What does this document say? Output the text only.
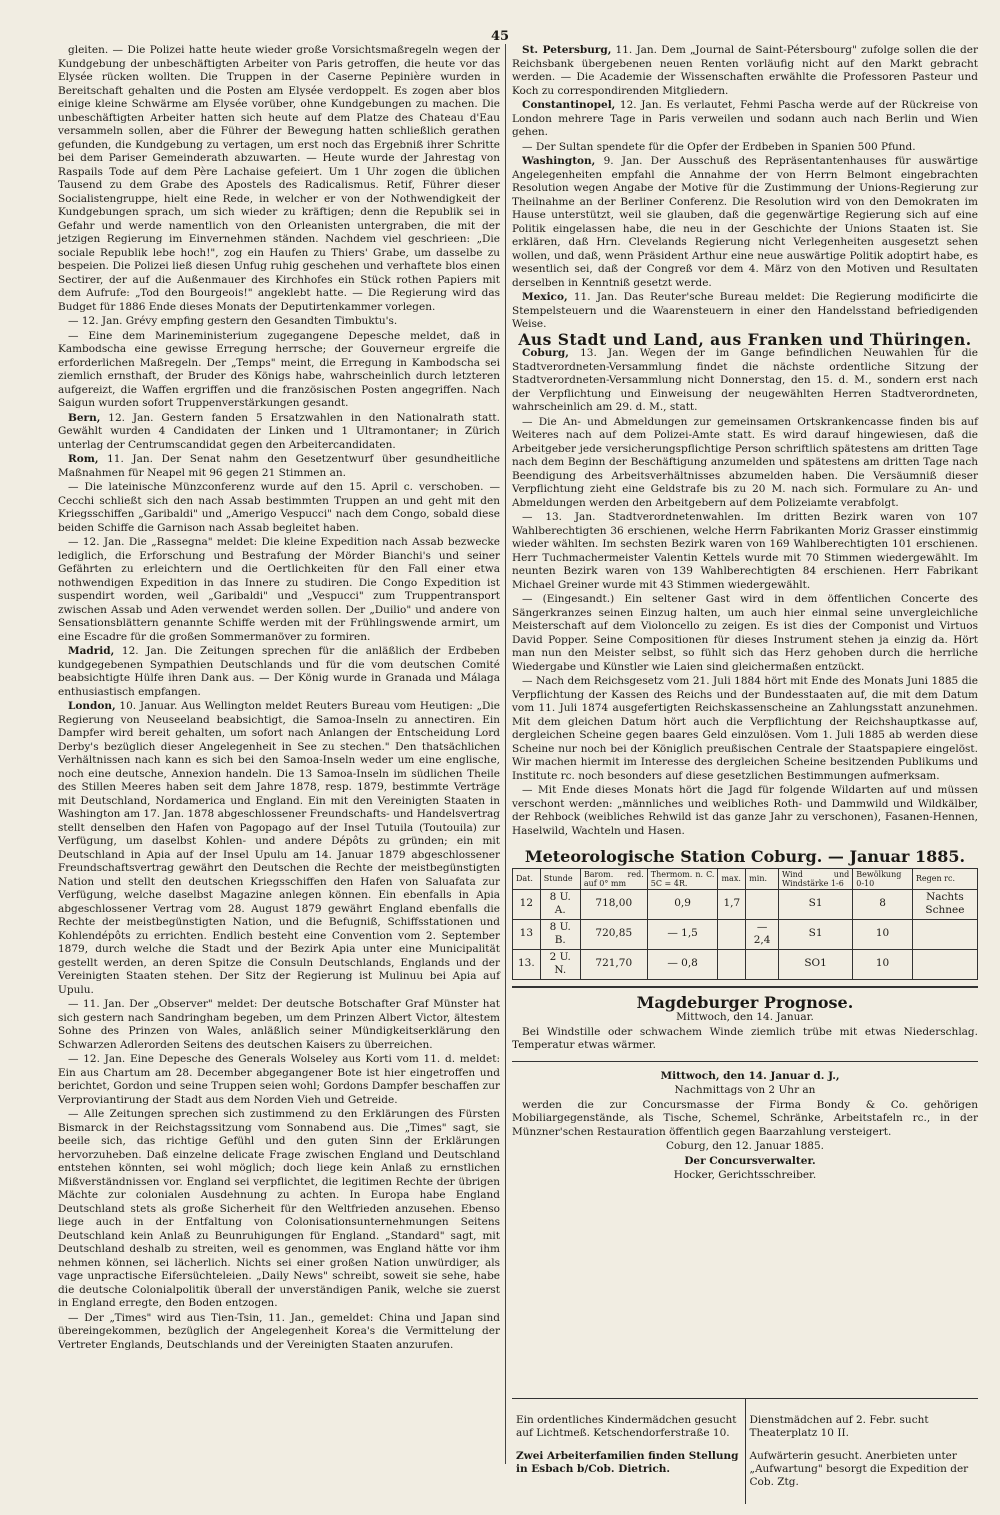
45

gleiten. — Die Polizei hatte heute wieder große Vorsichtsmaßregeln wegen der Kundgebung der unbeschäftigten Arbeiter von Paris getroffen, die heute vor das Elysée rücken wollten. Die Truppen in der Caserne Pepinière wurden in Bereitschaft gehalten und die Posten am Elysée verdoppelt. Es zogen aber blos einige kleine Schwärme am Elysée vorüber, ohne Kundgebungen zu machen. Die unbeschäftigten Arbeiter hatten sich heute auf dem Platze des Chateau d'Eau versammeln sollen, aber die Führer der Bewegung hatten schließlich gerathen gefunden, die Kundgebung zu vertagen, um erst noch das Ergebniß ihrer Schritte bei dem Pariser Gemeinderath abzuwarten. — Heute wurde der Jahrestag von Raspails Tode auf dem Père Lachaise gefeiert. Um 1 Uhr zogen die üblichen Tausend zu dem Grabe des Apostels des Radicalismus. Retif, Führer dieser Socialistengruppe, hielt eine Rede, in welcher er von der Nothwendigkeit der Kundgebungen sprach, um sich wieder zu kräftigen; denn die Republik sei in Gefahr und werde namentlich von den Orleanisten untergraben, die mit der jetzigen Regierung im Einvernehmen ständen. Nachdem viel geschrieen: „Die sociale Republik lebe hoch!", zog ein Haufen zu Thiers' Grabe, um dasselbe zu bespeien. Die Polizei ließ diesen Unfug ruhig geschehen und verhaftete blos einen Sectirer, der auf die Außenmauer des Kirchhofes ein Stück rothen Papiers mit dem Aufrufe: „Tod den Bourgeois!" angeklebt hatte. — Die Regierung wird das Budget für 1886 Ende dieses Monats der Deputirtenkammer vorlegen.

— 12. Jan. Grévy empfing gestern den Gesandten Timbuktu's.

— Eine dem Marineministerium zugegangene Depesche meldet, daß in Kambodscha eine gewisse Erregung herrsche; der Gouverneur ergreife die erforderlichen Maßregeln. Der „Temps" meint, die Erregung in Kambodscha sei ziemlich ernsthaft, der Bruder des Königs habe, wahrscheinlich durch letzteren aufgereizt, die Waffen ergriffen und die französischen Posten angegriffen. Nach Saigun wurden sofort Truppenverstärkungen gesandt.

Bern, 12. Jan. Gestern fanden 5 Ersatzwahlen in den Nationalrath statt. Gewählt wurden 4 Candidaten der Linken und 1 Ultramontaner; in Zürich unterlag der Centrumscandidat gegen den Arbeitercandidaten.

Rom, 11. Jan. Der Senat nahm den Gesetzentwurf über gesundheitliche Maßnahmen für Neapel mit 96 gegen 21 Stimmen an.

— Die lateinische Münzconferenz wurde auf den 15. April c. verschoben. — Cecchi schließt sich den nach Assab bestimmten Truppen an und geht mit den Kriegsschiffen „Garibaldi" und „Amerigo Vespucci" nach dem Congo, sobald diese beiden Schiffe die Garnison nach Assab begleitet haben.

— 12. Jan. Die „Rassegna" meldet: Die kleine Expedition nach Assab bezwecke lediglich, die Erforschung und Bestrafung der Mörder Bianchi's und seiner Gefährten zu erleichtern und die Oertlichkeiten für den Fall einer etwa nothwendigen Expedition in das Innere zu studiren. Die Congo Expedition ist suspendirt worden, weil „Garibaldi" und „Vespucci" zum Truppentransport zwischen Assab und Aden verwendet werden sollen. Der „Duilio" und andere von Sensationsblättern genannte Schiffe werden mit der Frühlingswende armirt, um eine Escadre für die großen Sommermanöver zu formiren.

Madrid, 12. Jan. Die Zeitungen sprechen für die anläßlich der Erdbeben kundgegebenen Sympathien Deutschlands und für die vom deutschen Comité beabsichtigte Hülfe ihren Dank aus. — Der König wurde in Granada und Málaga enthusiastisch empfangen.

London, 10. Januar. Aus Wellington meldet Reuters Bureau vom Heutigen: „Die Regierung von Neuseeland beabsichtigt, die Samoa-Inseln zu annectiren. Ein Dampfer wird bereit gehalten, um sofort nach Anlangen der Entscheidung Lord Derby's bezüglich dieser Angelegenheit in See zu stechen." Den thatsächlichen Verhältnissen nach kann es sich bei den Samoa-Inseln weder um eine englische, noch eine deutsche, Annexion handeln. Die 13 Samoa-Inseln im südlichen Theile des Stillen Meeres haben seit dem Jahre 1878, resp. 1879, bestimmte Verträge mit Deutschland, Nordamerica und England. Ein mit den Vereinigten Staaten in Washington am 17. Jan. 1878 abgeschlossener Freundschafts- und Handelsvertrag stellt denselben den Hafen von Pagopago auf der Insel Tutuila (Toutouila) zur Verfügung, um daselbst Kohlen- und andere Dépôts zu gründen; ein mit Deutschland in Apia auf der Insel Upulu am 14. Januar 1879 abgeschlossener Freundschaftsvertrag gewährt den Deutschen die Rechte der meistbegünstigten Nation und stellt den deutschen Kriegsschiffen den Hafen von Saluafata zur Verfügung, welche daselbst Magazine anlegen können. Ein ebenfalls in Apia abgeschlossener Vertrag vom 28. August 1879 gewährt England ebenfalls die Rechte der meistbegünstigten Nation, und die Befugniß, Schiffsstationen und Kohlendépôts zu errichten. Endlich besteht eine Convention vom 2. September 1879, durch welche die Stadt und der Bezirk Apia unter eine Municipalität gestellt werden, an deren Spitze die Consuln Deutschlands, Englands und der Vereinigten Staaten stehen. Der Sitz der Regierung ist Mulinuu bei Apia auf Upulu.

— 11. Jan. Der „Observer" meldet: Der deutsche Botschafter Graf Münster hat sich gestern nach Sandringham begeben, um dem Prinzen Albert Victor, ältestem Sohne des Prinzen von Wales, anläßlich seiner Mündigkeitserklärung den Schwarzen Adlerorden Seitens des deutschen Kaisers zu überreichen.

— 12. Jan. Eine Depesche des Generals Wolseley aus Korti vom 11. d. meldet: Ein aus Chartum am 28. December abgegangener Bote ist hier eingetroffen und berichtet, Gordon und seine Truppen seien wohl; Gordons Dampfer beschaffen zur Verproviantirung der Stadt aus dem Norden Vieh und Getreide.

— Alle Zeitungen sprechen sich zustimmend zu den Erklärungen des Fürsten Bismarck in der Reichstagssitzung vom Sonnabend aus. Die „Times" sagt, sie beeile sich, das richtige Gefühl und den guten Sinn der Erklärungen hervorzuheben. Daß einzelne delicate Frage zwischen England und Deutschland entstehen könnten, sei wohl möglich; doch liege kein Anlaß zu ernstlichen Mißverständnissen vor. England sei verpflichtet, die legitimen Rechte der übrigen Mächte zur colonialen Ausdehnung zu achten. In Europa habe England Deutschland stets als große Sicherheit für den Weltfrieden anzusehen. Ebenso liege auch in der Entfaltung von Colonisationsunternehmungen Seitens Deutschland kein Anlaß zu Beunruhigungen für England. „Standard" sagt, mit Deutschland deshalb zu streiten, weil es genommen, was England hätte vor ihm nehmen können, sei lächerlich. Nichts sei einer großen Nation unwürdiger, als vage unpractische Eifersüchteleien. „Daily News" schreibt, soweit sie sehe, habe die deutsche Colonialpolitik überall der unverständigen Panik, welche sie zuerst in England erregte, den Boden entzogen.

— Der „Times" wird aus Tien-Tsin, 11. Jan., gemeldet: China und Japan sind übereingekommen, bezüglich der Angelegenheit Korea's die Vermittelung der Vertreter Englands, Deutschlands und der Vereinigten Staaten anzurufen.

St. Petersburg, 11. Jan. Dem „Journal de Saint-Pétersbourg" zufolge sollen die der Reichsbank übergebenen neuen Renten vorläufig nicht auf den Markt gebracht werden. — Die Academie der Wissenschaften erwählte die Professoren Pasteur und Koch zu correspondirenden Mitgliedern.

Constantinopel, 12. Jan. Es verlautet, Fehmi Pascha werde auf der Rückreise von London mehrere Tage in Paris verweilen und sodann auch nach Berlin und Wien gehen.

— Der Sultan spendete für die Opfer der Erdbeben in Spanien 500 Pfund.

Washington, 9. Jan. Der Ausschuß des Repräsentantenhauses für auswärtige Angelegenheiten empfahl die Annahme der von Herrn Belmont eingebrachten Resolution wegen Angabe der Motive für die Zustimmung der Unions-Regierung zur Theilnahme an der Berliner Conferenz. Die Resolution wird von den Demokraten im Hause unterstützt, weil sie glauben, daß die gegenwärtige Regierung sich auf eine Politik eingelassen habe, die neu in der Geschichte der Unions Staaten ist. Sie erklären, daß Hrn. Clevelands Regierung nicht Verlegenheiten ausgesetzt sehen wollen, und daß, wenn Präsident Arthur eine neue auswärtige Politik adoptirt habe, es wesentlich sei, daß der Congreß vor dem 4. März von den Motiven und Resultaten derselben in Kenntniß gesetzt werde.

Mexico, 11. Jan. Das Reuter'sche Bureau meldet: Die Regierung modificirte die Stempelsteuern und die Waarensteuern in einer den Handelsstand befriedigenden Weise.

Aus Stadt und Land, aus Franken und Thüringen.

Coburg, 13. Jan. Wegen der im Gange befindlichen Neuwahlen für die Stadtverordneten-Versammlung findet die nächste ordentliche Sitzung der Stadtverordneten-Versammlung nicht Donnerstag, den 15. d. M., sondern erst nach der Verpflichtung und Einweisung der neugewählten Herren Stadtverordneten, wahrscheinlich am 29. d. M., statt.

— Die An- und Abmeldungen zur gemeinsamen Ortskrankencasse finden bis auf Weiteres nach auf dem Polizei-Amte statt. Es wird darauf hingewiesen, daß die Arbeitgeber jede versicherungspflichtige Person schriftlich spätestens am dritten Tage nach dem Beginn der Beschäftigung anzumelden und spätestens am dritten Tage nach Beendigung des Arbeitsverhältnisses abzumelden haben. Die Versäumniß dieser Verpflichtung zieht eine Geldstrafe bis zu 20 M. nach sich. Formulare zu An- und Abmeldungen werden den Arbeitgebern auf dem Polizeiamte verabfolgt.

— 13. Jan. Stadtverordnetenwahlen. Im dritten Bezirk waren von 107 Wahlberechtigten 36 erschienen, welche Herrn Fabrikanten Moriz Grasser einstimmig wieder wählten. Im sechsten Bezirk waren von 169 Wahlberechtigten 101 erschienen. Herr Tuchmachermeister Valentin Kettels wurde mit 70 Stimmen wiedergewählt. Im neunten Bezirk waren von 139 Wahlberechtigten 84 erschienen. Herr Fabrikant Michael Greiner wurde mit 43 Stimmen wiedergewählt.

— (Eingesandt.) Ein seltener Gast wird in dem öffentlichen Concerte des Sängerkranzes seinen Einzug halten, um auch hier einmal seine unvergleichliche Meisterschaft auf dem Violoncello zu zeigen. Es ist dies der Componist und Virtuos David Popper. Seine Compositionen für dieses Instrument stehen ja einzig da. Hört man nun den Meister selbst, so fühlt sich das Herz gehoben durch die herrliche Wiedergabe und Künstler wie Laien sind gleichermaßen entzückt.

— Nach dem Reichsgesetz vom 21. Juli 1884 hört mit Ende des Monats Juni 1885 die Verpflichtung der Kassen des Reichs und der Bundesstaaten auf, die mit dem Datum vom 11. Juli 1874 ausgefertigten Reichskassenscheine an Zahlungsstatt anzunehmen. Mit dem gleichen Datum hört auch die Verpflichtung der Reichshauptkasse auf, dergleichen Scheine gegen baares Geld einzulösen. Vom 1. Juli 1885 ab werden diese Scheine nur noch bei der Königlich preußischen Centrale der Staatspapiere eingelöst. Wir machen hiermit im Interesse des dergleichen Scheine besitzenden Publikums und Institute rc. noch besonders auf diese gesetzlichen Bestimmungen aufmerksam.

— Mit Ende dieses Monats hört die Jagd für folgende Wildarten auf und müssen verschont werden: „männliches und weibliches Roth- und Dammwild und Wildkälber, der Rehbock (weibliches Rehwild ist das ganze Jahr zu verschonen), Fasanen-Hennen, Haselwild, Wachteln und Hasen.

Meteorologische Station Coburg. — Januar 1885.
Dat.	Stunde	Barom. red. auf 0° mm	Thermom. n. C. 5C = 4R.	max.	min.	Wind und Windstärke 1-6	Bewölkung 0-10	Regen rc.
12	8 U. A.	718,00	0,9	1,7		S1	8	Nachts Schnee
13	8 U. B.	720,85	— 1,5		— 2,4	S1	10	
13.	2 U. N.	721,70	— 0,8			SO1	10	
Magdeburger Prognose.

Mittwoch, den 14. Januar.

Bei Windstille oder schwachem Winde ziemlich trübe mit etwas Niederschlag. Temperatur etwas wärmer.

Mittwoch, den 14. Januar d. J.,

Nachmittags von 2 Uhr an

werden die zur Concursmasse der Firma Bondy & Co. gehörigen Mobiliargegenstände, als Tische, Schemel, Schränke, Arbeitstafeln rc., in der Münzner'schen Restauration öffentlich gegen Baarzahlung versteigert.

Coburg, den 12. Januar 1885.

Der Concursverwalter.

Hocker, Gerichtsschreiber.

Ein ordentliches Kindermädchen gesucht auf Lichtmeß. Ketschendorferstraße 10.

Zwei Arbeiterfamilien finden Stellung in Esbach b/Cob. Dietrich.

Dienstmädchen auf 2. Febr. sucht Theaterplatz 10 II.

Aufwärterin gesucht. Anerbieten unter „Aufwartung" besorgt die Expedition der Cob. Ztg.
